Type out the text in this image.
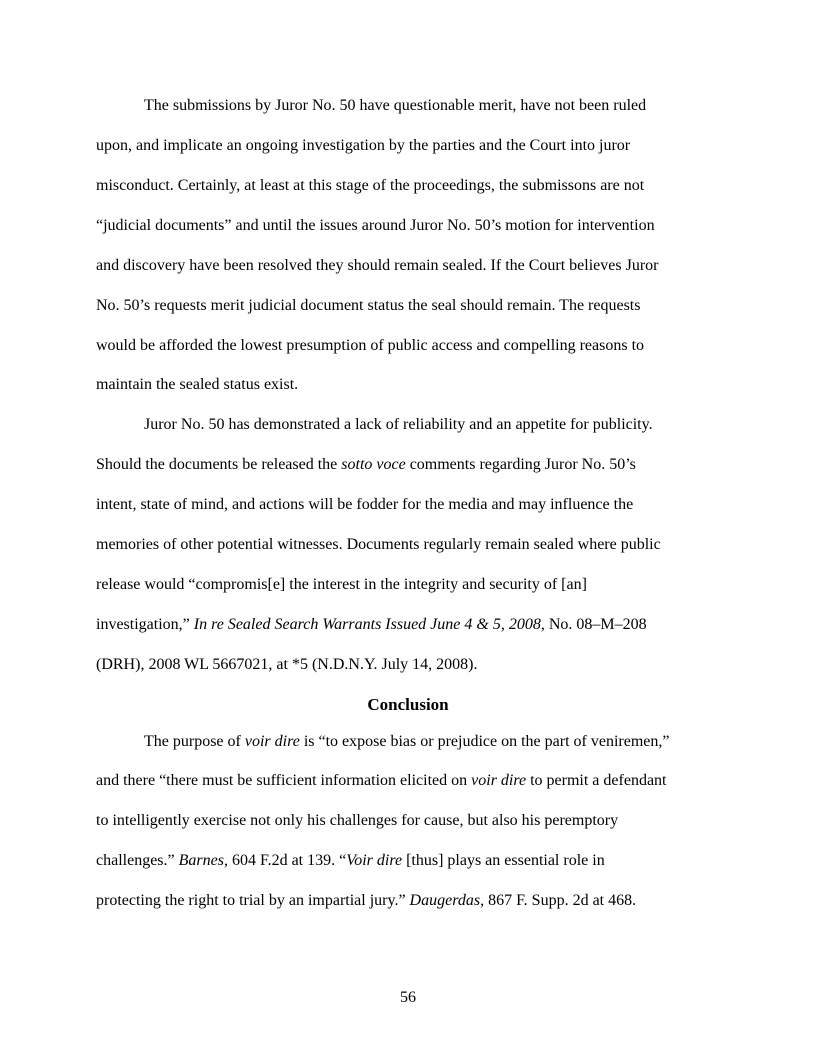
The submissions by Juror No. 50 have questionable merit, have not been ruled
upon, and implicate an ongoing investigation by the parties and the Court into juror
misconduct. Certainly, at least at this stage of the proceedings, the submissons are not
“judicial documents” and until the issues around Juror No. 50’s motion for intervention
and discovery have been resolved they should remain sealed. If the Court believes Juror
No. 50’s requests merit judicial document status the seal should remain. The requests
would be afforded the lowest presumption of public access and compelling reasons to
maintain the sealed status exist.
Juror No. 50 has demonstrated a lack of reliability and an appetite for publicity.
Should the documents be released the sotto voce comments regarding Juror No. 50’s
intent, state of mind, and actions will be fodder for the media and may influence the
memories of other potential witnesses. Documents regularly remain sealed where public
release would “compromis[e] the interest in the integrity and security of [an]
investigation,” In re Sealed Search Warrants Issued June 4 & 5, 2008, No. 08–M–208
(DRH), 2008 WL 5667021, at *5 (N.D.N.Y. July 14, 2008).
Conclusion
The purpose of voir dire is “to expose bias or prejudice on the part of veniremen,”
and there “there must be sufficient information elicited on voir dire to permit a defendant
to intelligently exercise not only his challenges for cause, but also his peremptory
challenges.” Barnes, 604 F.2d at 139. “Voir dire [thus] plays an essential role in
protecting the right to trial by an impartial jury.” Daugerdas, 867 F. Supp. 2d at 468.
56
